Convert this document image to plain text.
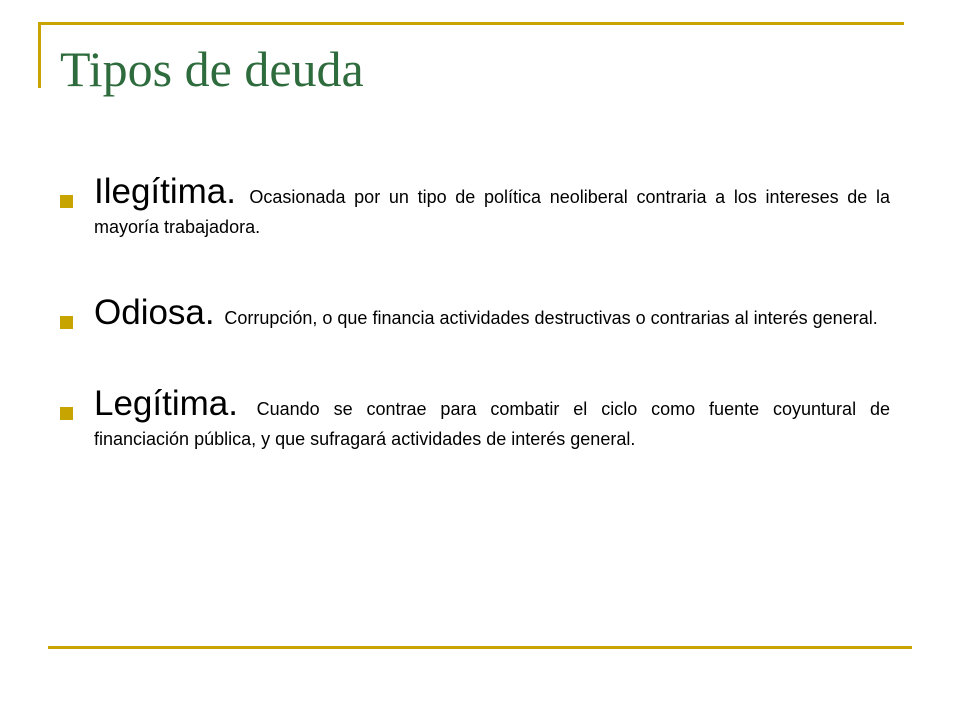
Tipos de deuda
Ilegítima. Ocasionada por un tipo de política neoliberal contraria a los intereses de la mayoría trabajadora.
Odiosa. Corrupción, o que financia actividades destructivas o contrarias al interés general.
Legítima. Cuando se contrae para combatir el ciclo como fuente coyuntural de financiación pública, y que sufragará actividades de interés general.
